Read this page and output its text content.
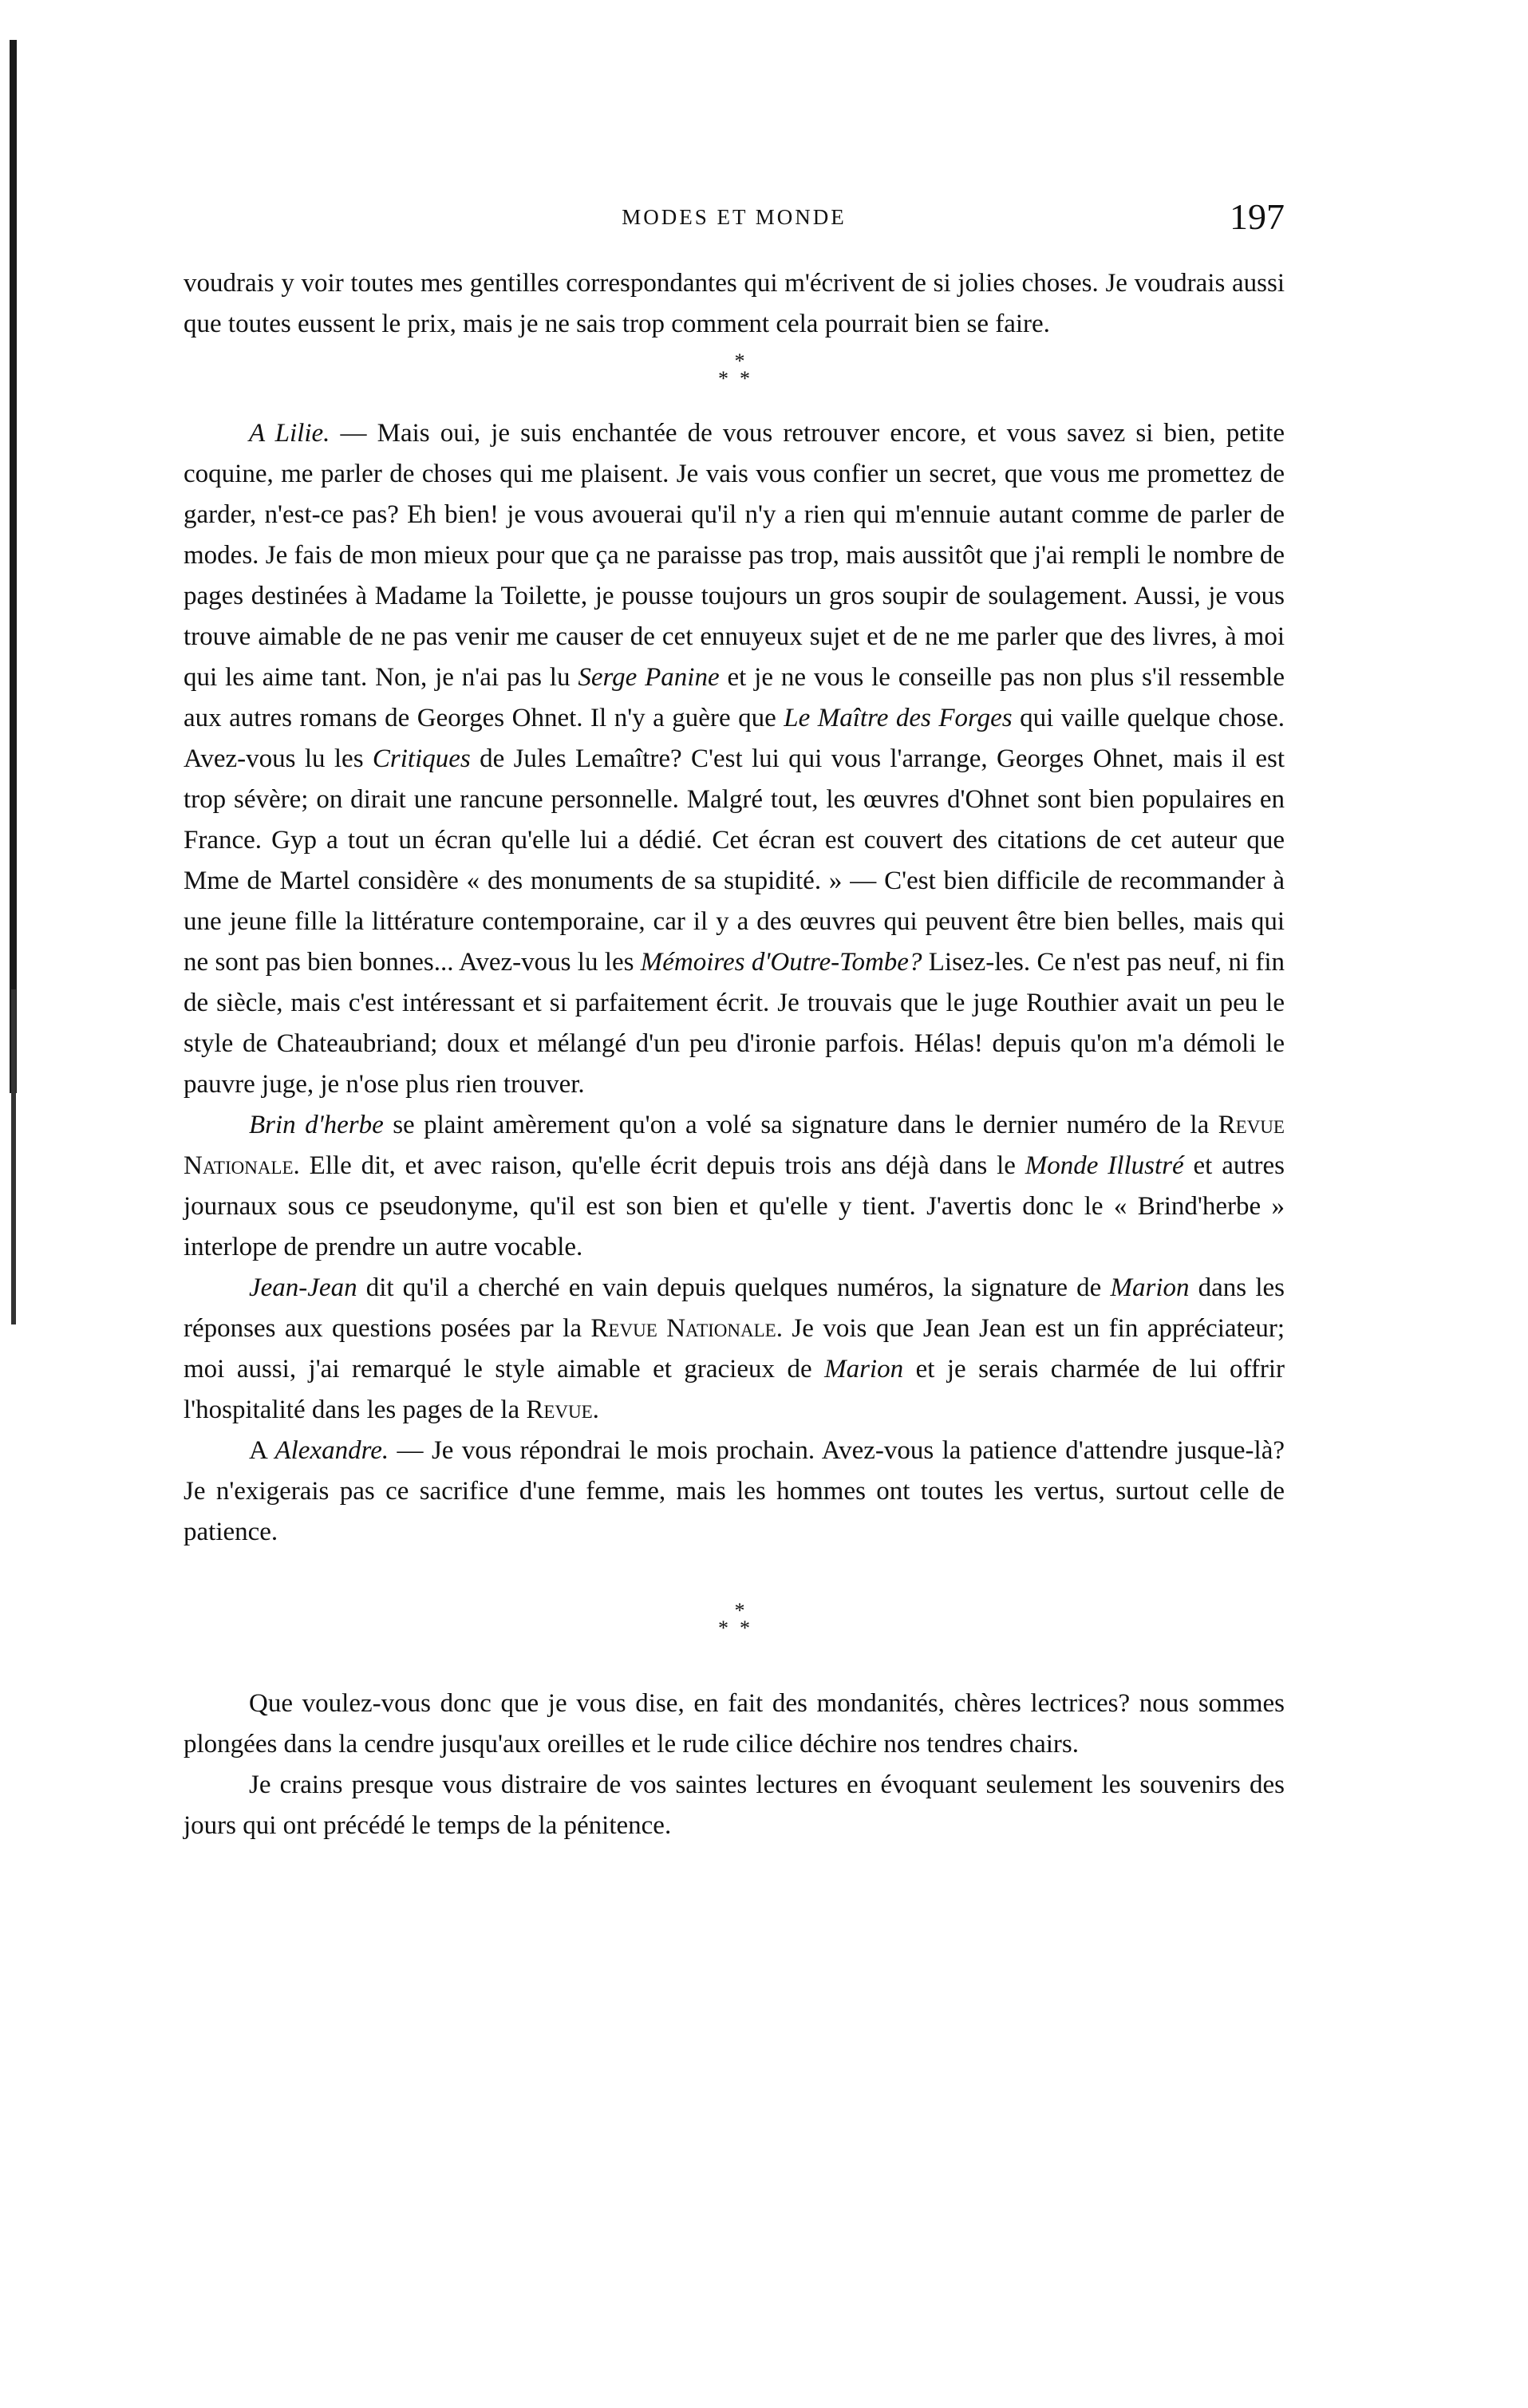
MODES ET MONDE	197

voudrais y voir toutes mes gentilles correspondantes qui m'écrivent de si jolies choses. Je voudrais aussi que toutes eussent le prix, mais je ne sais trop comment cela pourrait bien se faire.

*
**

A Lilie. — Mais oui, je suis enchantée de vous retrouver encore, et vous savez si bien, petite coquine, me parler de choses qui me plaisent. Je vais vous confier un secret, que vous me promettez de garder, n'est-ce pas? Eh bien! je vous avouerai qu'il n'y a rien qui m'ennuie autant comme de parler de modes. Je fais de mon mieux pour que ça ne paraisse pas trop, mais aussitôt que j'ai rempli le nombre de pages destinées à Madame la Toilette, je pousse toujours un gros soupir de soulagement. Aussi, je vous trouve aimable de ne pas venir me causer de cet ennuyeux sujet et de ne me parler que des livres, à moi qui les aime tant. Non, je n'ai pas lu Serge Panine et je ne vous le conseille pas non plus s'il ressemble aux autres romans de Georges Ohnet. Il n'y a guère que Le Maître des Forges qui vaille quelque chose. Avez-vous lu les Critiques de Jules Lemaître? C'est lui qui vous l'arrange, Georges Ohnet, mais il est trop sévère; on dirait une rancune personnelle. Malgré tout, les œuvres d'Ohnet sont bien populaires en France. Gyp a tout un écran qu'elle lui a dédié. Cet écran est couvert des citations de cet auteur que Mme de Martel considère « des monuments de sa stupidité. » — C'est bien difficile de recommander à une jeune fille la littérature contemporaine, car il y a des œuvres qui peuvent être bien belles, mais qui ne sont pas bien bonnes... Avez-vous lu les Mémoires d'Outre-Tombe? Lisez-les. Ce n'est pas neuf, ni fin de siècle, mais c'est intéressant et si parfaitement écrit. Je trouvais que le juge Routhier avait un peu le style de Chateaubriand; doux et mélangé d'un peu d'ironie parfois. Hélas! depuis qu'on m'a démoli le pauvre juge, je n'ose plus rien trouver.

Brin d'herbe se plaint amèrement qu'on a volé sa signature dans le dernier numéro de la Revue Nationale. Elle dit, et avec raison, qu'elle écrit depuis trois ans déjà dans le Monde Illustré et autres journaux sous ce pseudonyme, qu'il est son bien et qu'elle y tient. J'avertis donc le « Brind'herbe » interlope de prendre un autre vocable.

Jean-Jean dit qu'il a cherché en vain depuis quelques numéros, la signature de Marion dans les réponses aux questions posées par la Revue Nationale. Je vois que Jean Jean est un fin appréciateur; moi aussi, j'ai remarqué le style aimable et gracieux de Marion et je serais charmée de lui offrir l'hospitalité dans les pages de la Revue.

A Alexandre. — Je vous répondrai le mois prochain. Avez-vous la patience d'attendre jusque-là? Je n'exigerais pas ce sacrifice d'une femme, mais les hommes ont toutes les vertus, surtout celle de patience.

*
**

Que voulez-vous donc que je vous dise, en fait des mondanités, chères lectrices? nous sommes plongées dans la cendre jusqu'aux oreilles et le rude cilice déchire nos tendres chairs.

Je crains presque vous distraire de vos saintes lectures en évoquant seulement les souvenirs des jours qui ont précédé le temps de la pénitence.
